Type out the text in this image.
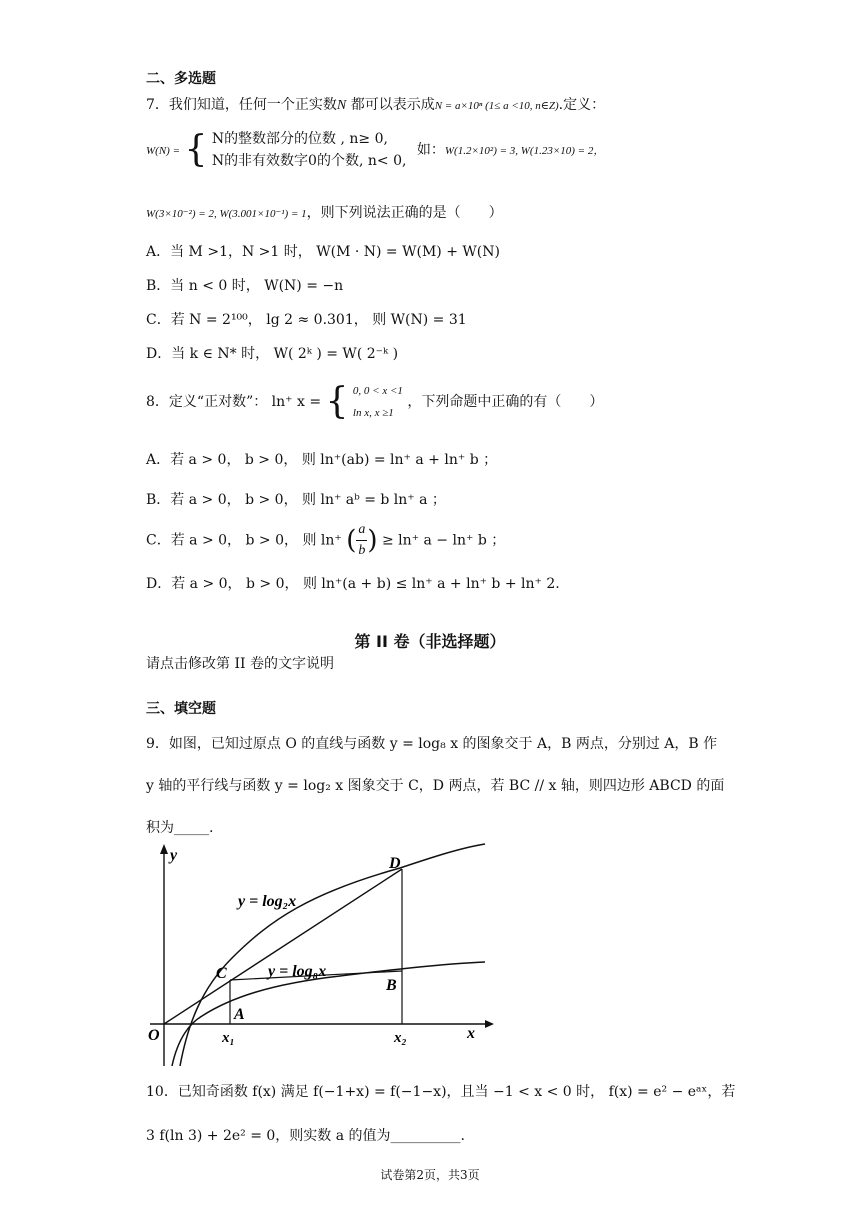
二、多选题
7．我们知道，任何一个正实数N 都可以表示成N = a×10ⁿ (1≤ a <10, n∈Z).定义：
W(N) = { N的整数部分的位数 , n≥ 0,
N的非有效数字0的个数, n< 0,
如：W(1.2×10²) = 3, W(1.23×10) = 2，
W(3×10⁻²) = 2, W(3.001×10⁻¹) = 1，则下列说法正确的是（　　）
A．当 M >1，N >1 时， W(M · N) = W(M) + W(N)
B．当 n < 0 时， W(N) = −n
C．若 N = 2¹⁰⁰， lg 2 ≈ 0.301， 则 W(N) = 31
D．当 k ∈ N* 时， W( 2ᵏ ) = W( 2⁻ᵏ )
8．定义“正对数”： ln⁺ x = { 0, 0 < x <1
ln x, x ≥1
，下列命题中正确的有（　　）
A．若 a > 0， b > 0， 则 ln⁺(ab) = ln⁺ a + ln⁺ b ；
B．若 a > 0， b > 0， 则 ln⁺ aᵇ = b ln⁺ a ；
C．若 a > 0， b > 0， 则 ln⁺ ( $\frac{a}{b}$ ) ≥ ln⁺ a − ln⁺ b ；
D．若 a > 0， b > 0， 则 ln⁺(a + b) ≤ ln⁺ a + ln⁺ b + ln⁺ 2.
第 II 卷（非选择题）
请点击修改第 II 卷的文字说明
三、填空题
9．如图，已知过原点 O 的直线与函数 y = log₈ x 的图象交于 A，B 两点，分别过 A，B 作
y 轴的平行线与函数 y = log₂ x 图象交于 C，D 两点，若 BC // x 轴，则四边形 ABCD 的面
积为_____.
y
x
O
A
B
C
D
x₁	x₂
y = log₂x
y = log₈x
10．已知奇函数 f(x) 满足 f(−1+x) = f(−1−x)，且当 −1 < x < 0 时， f(x) = e² − eᵃˣ，若
3 f(ln 3) + 2e² = 0，则实数 a 的值为__________.
试卷第2页，共3页
